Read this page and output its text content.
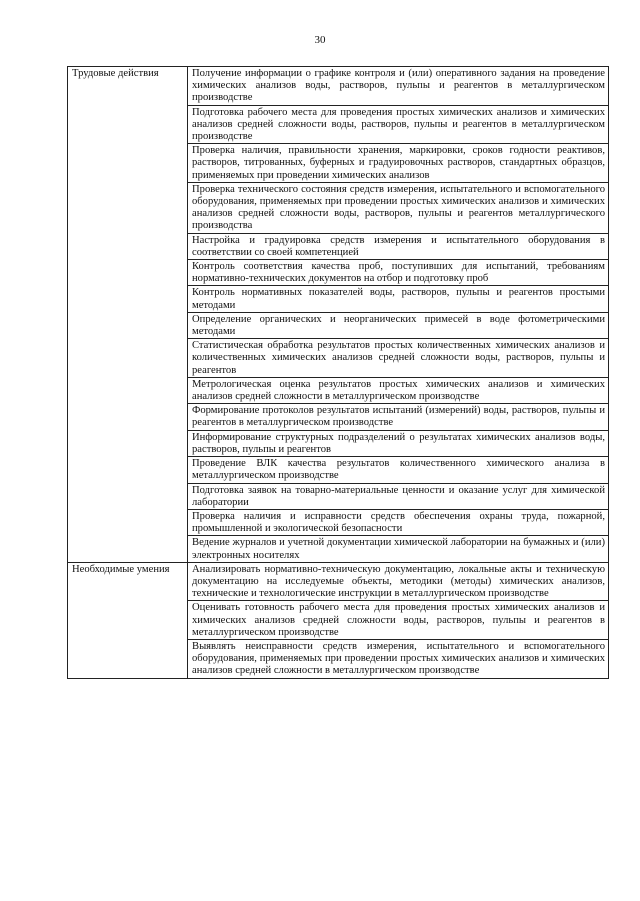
30
Трудовые действия	Получение информации о графике контроля и (или) оперативного задания на проведение химических анализов воды, растворов, пульпы и реагентов в металлургическом производстве
	Подготовка рабочего места для проведения простых химических анализов и химических анализов средней сложности воды, растворов, пульпы и реагентов в металлургическом производстве
	Проверка наличия, правильности хранения, маркировки, сроков годности реактивов, растворов, титрованных, буферных и градуировочных растворов, стандартных образцов, применяемых при проведении химических анализов
	Проверка технического состояния средств измерения, испытательного и вспомогательного оборудования, применяемых при проведении простых химических анализов и химических анализов средней сложности воды, растворов, пульпы и реагентов металлургического производства
	Настройка и градуировка средств измерения и испытательного оборудования в соответствии со своей компетенцией
	Контроль соответствия качества проб, поступивших для испытаний, требованиям нормативно-технических документов на отбор и подготовку проб
	Контроль нормативных показателей воды, растворов, пульпы и реагентов простыми методами
	Определение органических и неорганических примесей в воде фотометрическими методами
	Статистическая обработка результатов простых количественных химических анализов и количественных химических анализов средней сложности воды, растворов, пульпы и реагентов
	Метрологическая оценка результатов простых химических анализов и химических анализов средней сложности в металлургическом производстве
	Формирование протоколов результатов испытаний (измерений) воды, растворов, пульпы и реагентов в металлургическом производстве
	Информирование структурных подразделений о результатах химических анализов воды, растворов, пульпы и реагентов
	Проведение ВЛК качества результатов количественного химического анализа в металлургическом производстве
	Подготовка заявок на товарно-материальные ценности и оказание услуг для химической лаборатории
	Проверка наличия и исправности средств обеспечения охраны труда, пожарной, промышленной и экологической безопасности
	Ведение журналов и учетной документации химической лаборатории на бумажных и (или) электронных носителях
Необходимые умения	Анализировать нормативно-техническую документацию, локальные акты и техническую документацию на исследуемые объекты, методики (методы) химических анализов, технические и технологические инструкции в металлургическом производстве
	Оценивать готовность рабочего места для проведения простых химических анализов и химических анализов средней сложности воды, растворов, пульпы и реагентов в металлургическом производстве
	Выявлять неисправности средств измерения, испытательного и вспомогательного оборудования, применяемых при проведении простых химических анализов и химических анализов средней сложности в металлургическом производстве
